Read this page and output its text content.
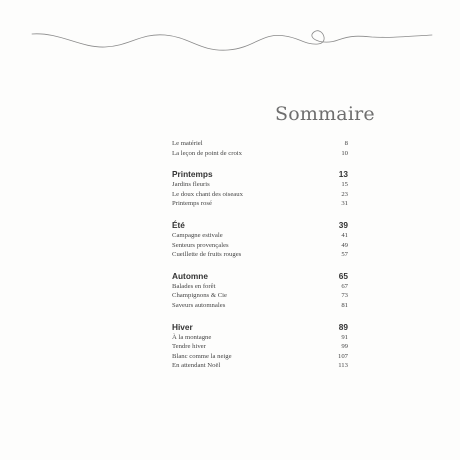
Sommaire
Le matériel	8
La leçon de point de croix	10
Printemps	13
Jardins fleuris	15
Le doux chant des oiseaux	23
Printemps rosé	31
Été	39
Campagne estivale	41
Senteurs provençales	49
Cueillette de fruits rouges	57
Automne	65
Balades en forêt	67
Champignons & Cie	73
Saveurs automnales	81
Hiver	89
À la montagne	91
Tendre hiver	99
Blanc comme la neige	107
En attendant Noël	113
